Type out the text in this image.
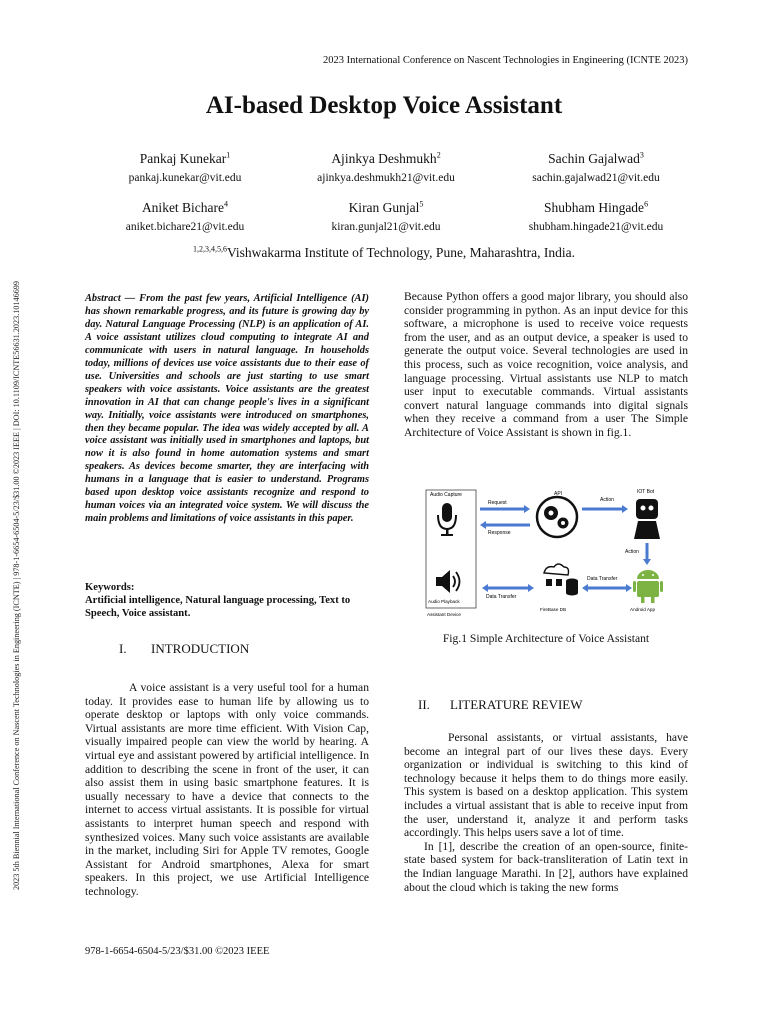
2023 5th Biennial International Conference on Nascent Technologies in Engineering (ICNTE) | 978-1-6654-6504-5/23/$31.00 ©2023 IEEE | DOI: 10.1109/ICNTE56631.2023.10146699
2023 International Conference on Nascent Technologies in Engineering (ICNTE 2023)
AI-based Desktop Voice Assistant
Pankaj Kunekar$^1$
pankaj.kunekar@vit.edu
Ajinkya Deshmukh$^2$
ajinkya.deshmukh21@vit.edu
Sachin Gajalwad$^3$
sachin.gajalwad21@vit.edu
Aniket Bichare$^4$
aniket.bichare21@vit.edu
Kiran Gunjal$^5$
kiran.gunjal21@vit.edu
Shubham Hingade$^6$
shubham.hingade21@vit.edu
$^{1,2,3,4,5,6}$Vishwakarma Institute of Technology, Pune, Maharashtra, India.
Abstract — From the past few years, Artificial Intelligence (AI) has shown remarkable progress, and its future is growing day by day. Natural Language Processing (NLP) is an application of AI. A voice assistant utilizes cloud computing to integrate AI and communicate with users in natural language. In households today, millions of devices use voice assistants due to their ease of use. Universities and schools are just starting to use smart speakers with voice assistants. Voice assistants are the greatest innovation in AI that can change people's lives in a significant way. Initially, voice assistants were introduced on smartphones, then they became popular. The idea was widely accepted by all. A voice assistant was initially used in smartphones and laptops, but now it is also found in home automation systems and smart speakers. As devices become smarter, they are interfacing with humans in a language that is easier to understand. Programs based upon desktop voice assistants recognize and respond to human voices via an integrated voice system. We will discuss the main problems and limitations of voice assistants in this paper.
Keywords:
Artificial intelligence, Natural language processing, Text to Speech, Voice assistant.
I. INTRODUCTION

A voice assistant is a very useful tool for a human today. It provides ease to human life by allowing us to operate desktop or laptops with only voice commands. Virtual assistants are more time efficient. With Vision Cap, visually impaired people can view the world by hearing. A virtual eye and assistant powered by artificial intelligence. In addition to describing the scene in front of the user, it can also assist them in using basic smartphone features. It is usually necessary to have a device that connects to the internet to access virtual assistants. It is possible for virtual assistants to interpret human speech and respond with synthesized voices. Many such voice assistants are available in the market, including Siri for Apple TV remotes, Google Assistant for Android smartphones, Alexa for smart speakers. In this project, we use Artificial Intelligence technology.

Because Python offers a good major library, you should also consider programming in python. As an input device for this software, a microphone is used to receive voice requests from the user, and as an output device, a speaker is used to generate the output voice. Several technologies are used in this process, such as voice recognition, voice analysis, and language processing. Virtual assistants use NLP to match user input to executable commands. Virtual assistants convert natural language commands into digital signals when they receive a command from a user The Simple Architecture of Voice Assistant is shown in fig.1.

Audio Capture
Audio Playback
Assistant Device
Request
Response
API
Action
IOT Bot
Action
Android App
Data Transfer
FireBase DB
Data Transfer
Fig.1 Simple Architecture of Voice Assistant
II. LITERATURE REVIEW

Personal assistants, or virtual assistants, have become an integral part of our lives these days. Every organization or individual is switching to this kind of technology because it helps them to do things more easily. This system is based on a desktop application. This system includes a virtual assistant that is able to receive input from the user, understand it, analyze it and perform tasks accordingly. This helps users save a lot of time.

In [1], describe the creation of an open-source, finite-state based system for back-transliteration of Latin text in the Indian language Marathi. In [2], authors have explained about the cloud which is taking the new forms

978-1-6654-6504-5/23/$31.00 ©2023 IEEE
